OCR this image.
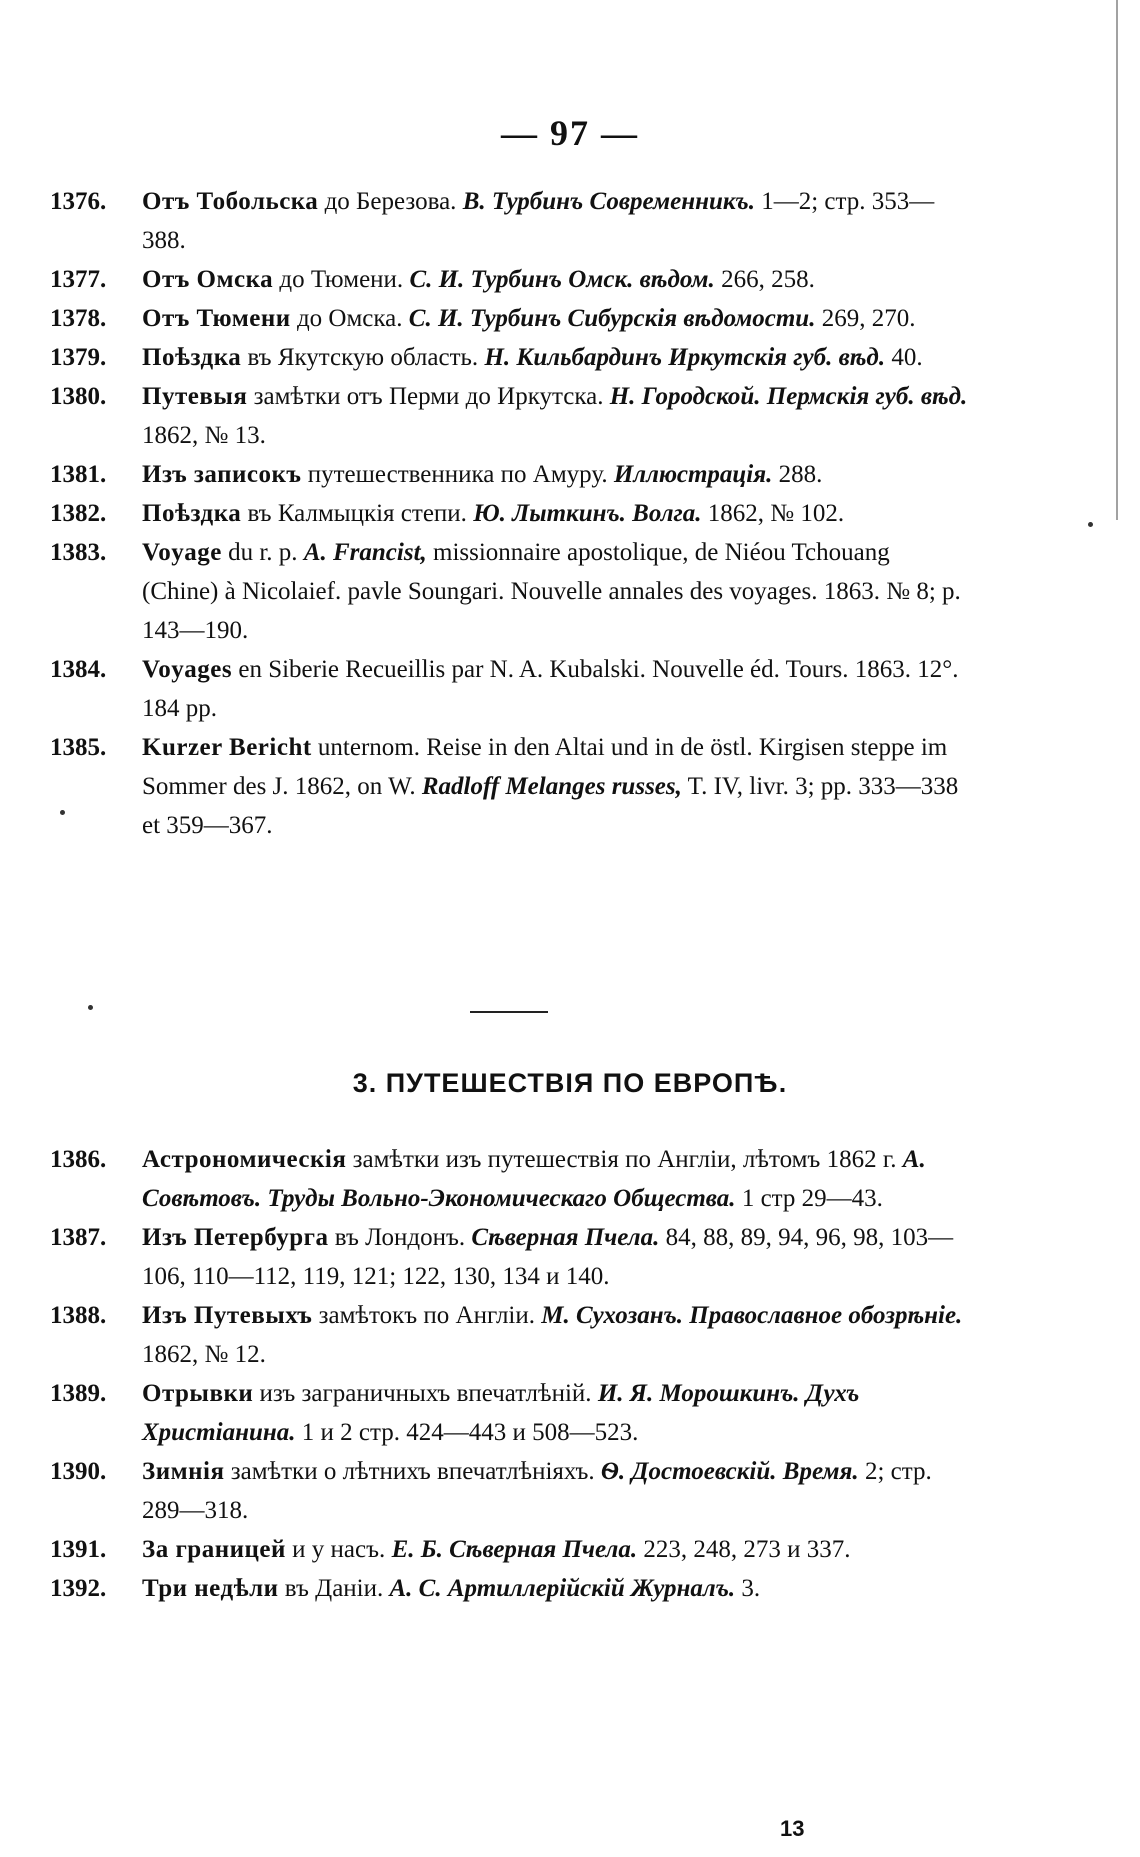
— 97 —
1376.	Отъ Тобольска до Березова. В. Турбинъ Современникъ. 1—2; стр. 353—388.
1377.	Отъ Омска до Тюмени. С. И. Турбинъ Омск. вѣдом. 266, 258.
1378.	Отъ Тюмени до Омска. С. И. Турбинъ Сибурскія вѣдомости. 269, 270.
1379.	Поѣздка въ Якутскую область. Н. Кильбардинъ Иркутскія губ. вѣд. 40.
1380.	Путевыя замѣтки отъ Перми до Иркутска. Н. Городской. Пермскія губ. вѣд. 1862, № 13.
1381.	Изъ записокъ путешественника по Амуру. Иллюстрація. 288.
1382.	Поѣздка въ Калмыцкія степи. Ю. Лыткинъ. Волга. 1862, № 102.
1383.	Voyage du r. p. A. Francist, missionnaire apostolique, de Niéou Tchouang (Chine) à Nicolaief. pavle Soungari. Nouvelle annales des voyages. 1863. № 8; p. 143—190.
1384.	Voyages en Siberie Recueillis par N. A. Kubalski. Nouvelle éd. Tours. 1863. 12°. 184 pp.
1385.	Kurzer Bericht unternom. Reise in den Altai und in de östl. Kirgisen steppe im Sommer des J. 1862, on W. Radloff Melanges russes, T. IV, livr. 3; pp. 333—338 et 359—367.
3. ПУТЕШЕСТВІЯ ПО ЕВРОПѢ.
1386.	Астрономическія замѣтки изъ путешествія по Англіи, лѣтомъ 1862 г. А. Совѣтовъ. Труды Вольно-Экономическаго Общества. 1 стр 29—43.
1387.	Изъ Петербурга въ Лондонъ. Сѣверная Пчела. 84, 88, 89, 94, 96, 98, 103—106, 110—112, 119, 121; 122, 130, 134 и 140.
1388.	Изъ Путевыхъ замѣтокъ по Англіи. М. Сухозанъ. Православное обозрѣніе. 1862, № 12.
1389.	Отрывки изъ заграничныхъ впечатлѣній. И. Я. Морошкинъ. Духъ Христіанина. 1 и 2 стр. 424—443 и 508—523.
1390.	Зимнія замѣтки о лѣтнихъ впечатлѣніяхъ. Ѳ. Достоевскій. Время. 2; стр. 289—318.
1391.	За границей и у насъ. Е. Б. Сѣверная Пчела. 223, 248, 273 и 337.
1392.	Три недѣли въ Даніи. А. С. Артиллерійскій Журналъ. 3.
13
